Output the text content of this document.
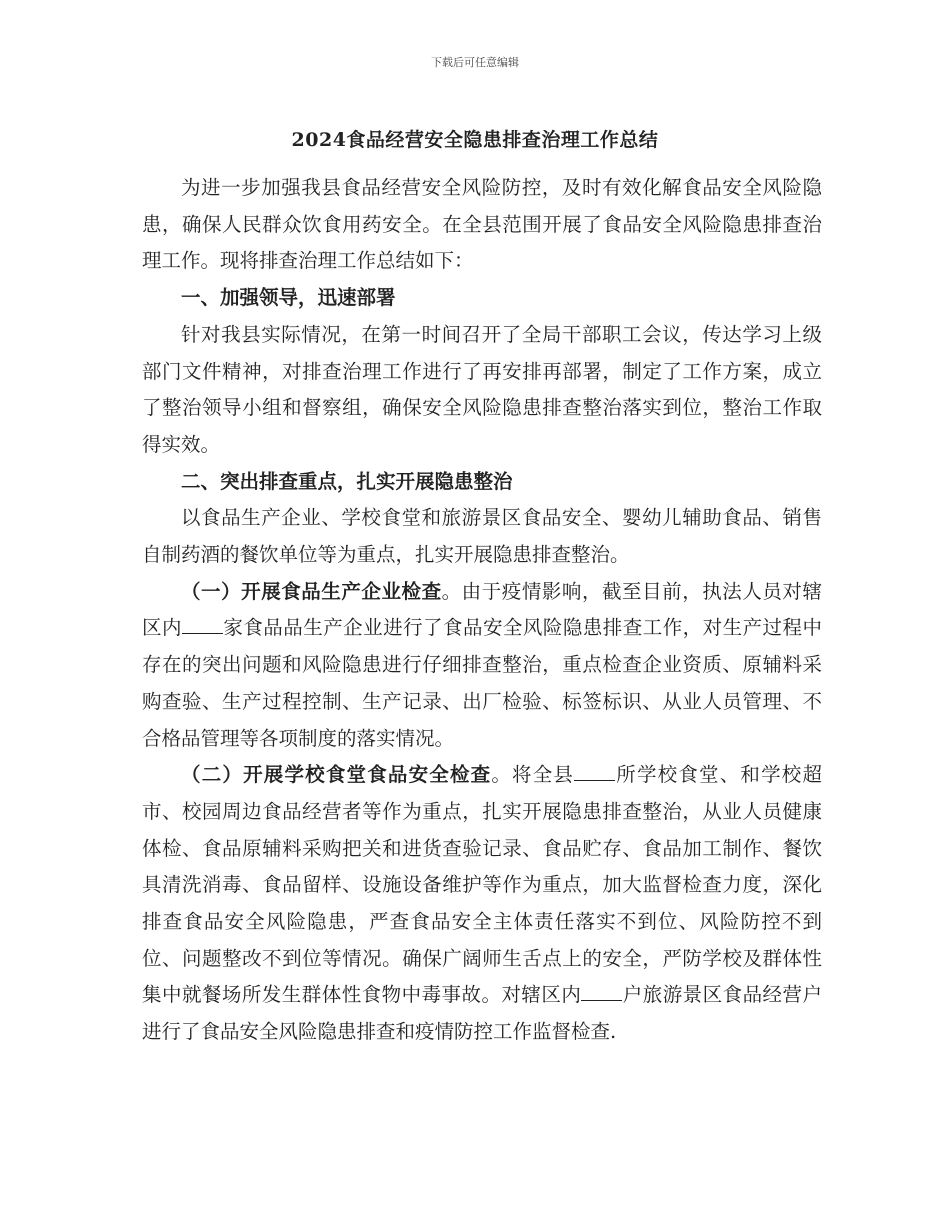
下载后可任意编辑
2024食品经营安全隐患排查治理工作总结

为进一步加强我县食品经营安全风险防控，及时有效化解食品安全风险隐患，确保人民群众饮食用药安全。在全县范围开展了食品安全风险隐患排查治理工作。现将排查治理工作总结如下：

一、加强领导，迅速部署

针对我县实际情况，在第一时间召开了全局干部职工会议，传达学习上级部门文件精神，对排查治理工作进行了再安排再部署，制定了工作方案，成立了整治领导小组和督察组，确保安全风险隐患排查整治落实到位，整治工作取得实效。

二、突出排查重点，扎实开展隐患整治

以食品生产企业、学校食堂和旅游景区食品安全、婴幼儿辅助食品、销售自制药酒的餐饮单位等为重点，扎实开展隐患排查整治。

（一）开展食品生产企业检查。由于疫情影响，截至目前，执法人员对辖区内 家食品品生产企业进行了食品安全风险隐患排查工作，对生产过程中存在的突出问题和风险隐患进行仔细排查整治，重点检查企业资质、原辅料采购查验、生产过程控制、生产记录、出厂检验、标签标识、从业人员管理、不合格品管理等各项制度的落实情况。

（二）开展学校食堂食品安全检查。将全县 所学校食堂、和学校超市、校园周边食品经营者等作为重点，扎实开展隐患排查整治，从业人员健康体检、食品原辅料采购把关和进货查验记录、食品贮存、食品加工制作、餐饮具清洗消毒、食品留样、设施设备维护等作为重点，加大监督检查力度，深化排查食品安全风险隐患，严查食品安全主体责任落实不到位、风险防控不到位、问题整改不到位等情况。确保广阔师生舌点上的安全，严防学校及群体性集中就餐场所发生群体性食物中毒事故。对辖区内 户旅游景区食品经营户进行了食品安全风险隐患排查和疫情防控工作监督检查.
